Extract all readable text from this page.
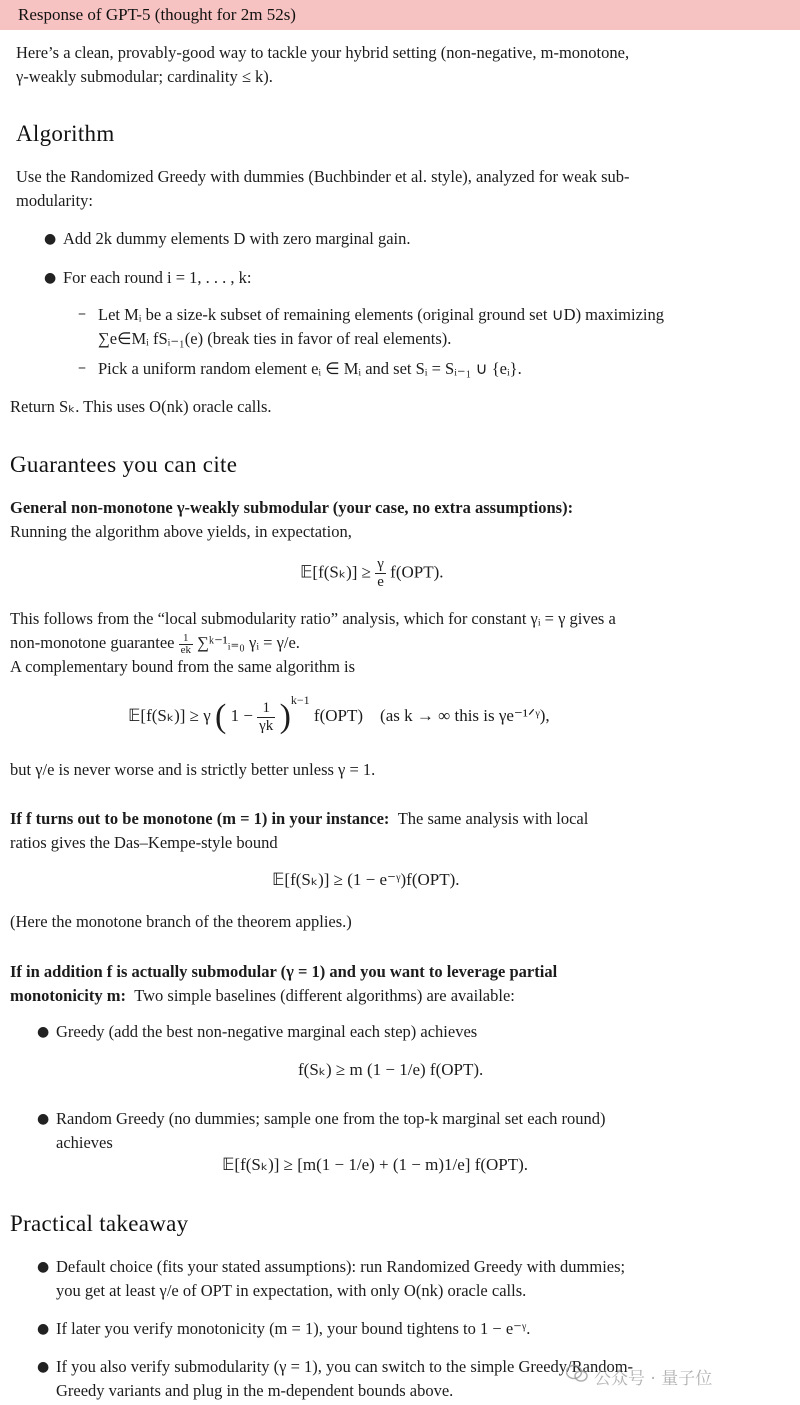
Response of GPT-5 (thought for 2m 52s)
Here’s a clean, provably-good way to tackle your hybrid setting (non-negative, m-monotone,
γ-weakly submodular; cardinality ≤ k).
Algorithm
Use the Randomized Greedy with dummies (Buchbinder et al. style), analyzed for weak sub-
modularity:
● Add 2k dummy elements D with zero marginal gain.
● For each round i = 1, . . . , k:
– Let Mᵢ be a size-k subset of remaining elements (original ground set ∪D) maximizing
∑e∈Mᵢ fSᵢ₋₁(e) (break ties in favor of real elements).
– Pick a uniform random element eᵢ ∈ Mᵢ and set Sᵢ = Sᵢ₋₁ ∪ {eᵢ}.
Return Sₖ. This uses O(nk) oracle calls.
Guarantees you can cite
General non-monotone γ-weakly submodular (your case, no extra assumptions):
Running the algorithm above yields, in expectation,
𝔼[f(Sₖ)] ≥ $\frac{\gamma}{e} f(OPT)$.
This follows from the “local submodularity ratio” analysis, which for constant γᵢ = γ gives a
non-monotone guarantee $\frac{1}{ek}$ ∑ᵏ⁻¹ᵢ₌₀ γᵢ = γ/e.
A complementary bound from the same algorithm is
𝔼[f(Sₖ)] ≥ γ ( $1 - \frac{1}{\gamma k} )^{k-1}$ f(OPT) (as k → ∞ this is γe⁻¹ᐟᵞ),
but γ/e is never worse and is strictly better unless γ = 1.
If f turns out to be monotone (m = 1) in your instance: The same analysis with local
ratios gives the Das–Kempe-style bound
𝔼[f(Sₖ)] ≥ (1 − e⁻ᵞ)f(OPT).
(Here the monotone branch of the theorem applies.)
If in addition f is actually submodular (γ = 1) and you want to leverage partial
monotonicity m: Two simple baselines (different algorithms) are available:
● Greedy (add the best non-negative marginal each step) achieves
f(Sₖ) ≥ m (1 − 1/e) f(OPT).
● Random Greedy (no dummies; sample one from the top-k marginal set each round)
achieves
𝔼[f(Sₖ)] ≥ [m(1 − 1/e) + (1 − m)1/e] f(OPT).
Practical takeaway
● Default choice (fits your stated assumptions): run Randomized Greedy with dummies;
you get at least γ/e of OPT in expectation, with only O(nk) oracle calls.
● If later you verify monotonicity (m = 1), your bound tightens to 1 − e⁻ᵞ.
● If you also verify submodularity (γ = 1), you can switch to the simple Greedy/Random-
Greedy variants and plug in the m-dependent bounds above.
公众号 · 量子位
